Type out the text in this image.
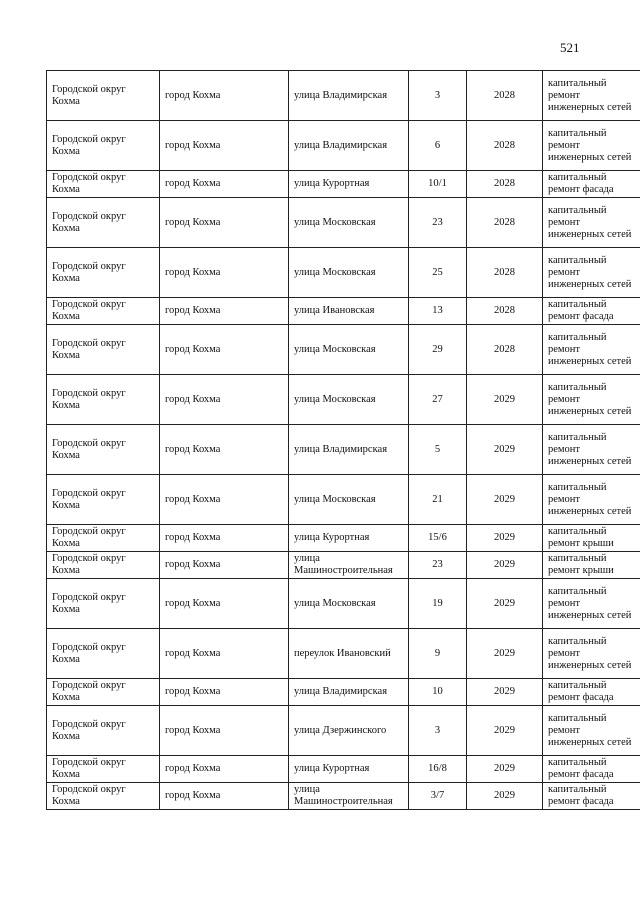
521
Городской округ Кохма	город Кохма	улица Владимирская	3	2028	капитальный ремонт инженерных сетей
Городской округ Кохма	город Кохма	улица Владимирская	6	2028	капитальный ремонт инженерных сетей
Городской округ Кохма	город Кохма	улица Курортная	10/1	2028	капитальный ремонт фасада
Городской округ Кохма	город Кохма	улица Московская	23	2028	капитальный ремонт инженерных сетей
Городской округ Кохма	город Кохма	улица Московская	25	2028	капитальный ремонт инженерных сетей
Городской округ Кохма	город Кохма	улица Ивановская	13	2028	капитальный ремонт фасада
Городской округ Кохма	город Кохма	улица Московская	29	2028	капитальный ремонт инженерных сетей
Городской округ Кохма	город Кохма	улица Московская	27	2029	капитальный ремонт инженерных сетей
Городской округ Кохма	город Кохма	улица Владимирская	5	2029	капитальный ремонт инженерных сетей
Городской округ Кохма	город Кохма	улица Московская	21	2029	капитальный ремонт инженерных сетей
Городской округ Кохма	город Кохма	улица Курортная	15/6	2029	капитальный ремонт крыши
Городской округ Кохма	город Кохма	улица Машиностроительная	23	2029	капитальный ремонт крыши
Городской округ Кохма	город Кохма	улица Московская	19	2029	капитальный ремонт инженерных сетей
Городской округ Кохма	город Кохма	переулок Ивановский	9	2029	капитальный ремонт инженерных сетей
Городской округ Кохма	город Кохма	улица Владимирская	10	2029	капитальный ремонт фасада
Городской округ Кохма	город Кохма	улица Дзержинского	3	2029	капитальный ремонт инженерных сетей
Городской округ Кохма	город Кохма	улица Курортная	16/8	2029	капитальный ремонт фасада
Городской округ Кохма	город Кохма	улица Машиностроительная	3/7	2029	капитальный ремонт фасада
